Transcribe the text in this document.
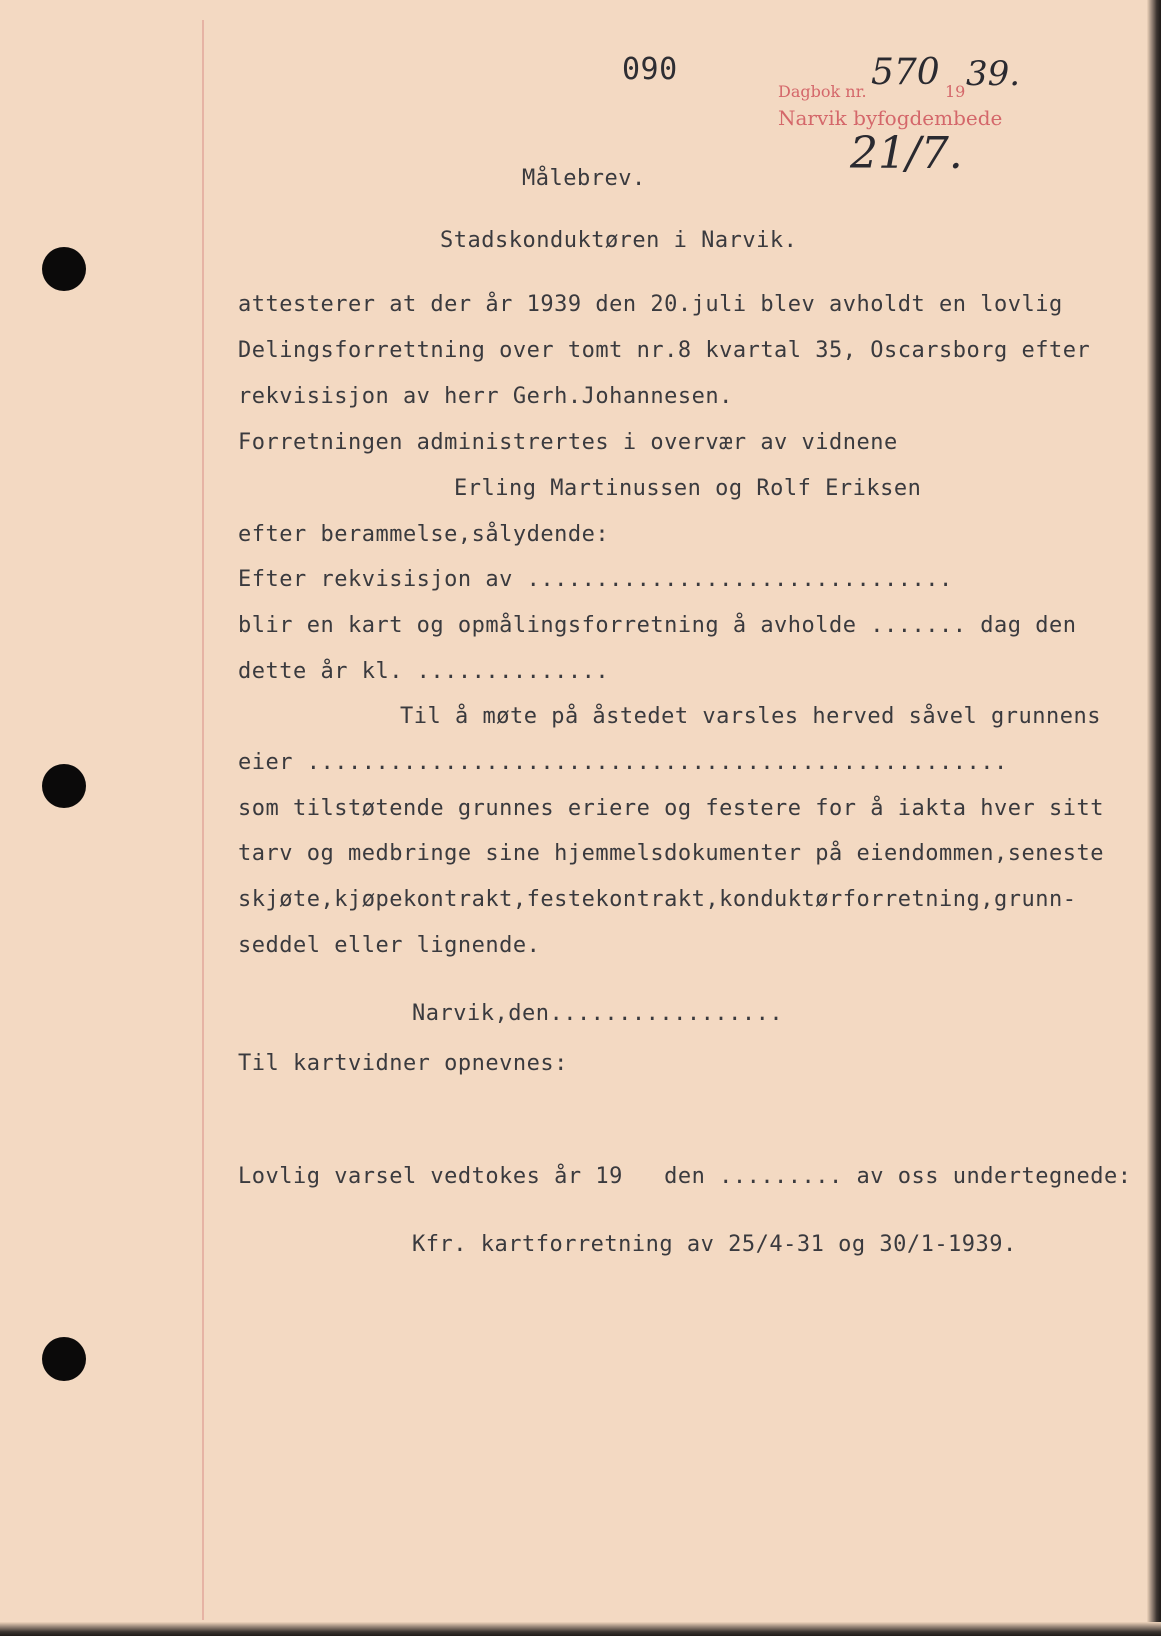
090
Dagbok nr. 570 19 39.
Narvik byfogdembede
21/7.
Målebrev.
Stadskonduktøren i Narvik.
attesterer at der år 1939 den 20.juli blev avholdt en lovlig
Delingsforrettning over tomt nr.8 kvartal 35, Oscarsborg efter
rekvisisjon av herr Gerh.Johannesen.
Forretningen administrertes i overvær av vidnene
Erling Martinussen og Rolf Eriksen
efter berammelse,sålydende:
Efter rekvisisjon av ...............................
blir en kart og opmålingsforretning å avholde ....... dag den
dette år kl. ..............
Til å møte på åstedet varsles herved såvel grunnens
eier ...................................................
som tilstøtende grunnes eriere og festere for å iakta hver sitt
tarv og medbringe sine hjemmelsdokumenter på eiendommen,seneste
skjøte,kjøpekontrakt,festekontrakt,konduktørforretning,grunn-
seddel eller lignende.
Narvik,den.................
Til kartvidner opnevnes:
Lovlig varsel vedtokes år 19   den ......... av oss undertegnede:
Kfr. kartforretning av 25/4-31 og 30/1-1939.
